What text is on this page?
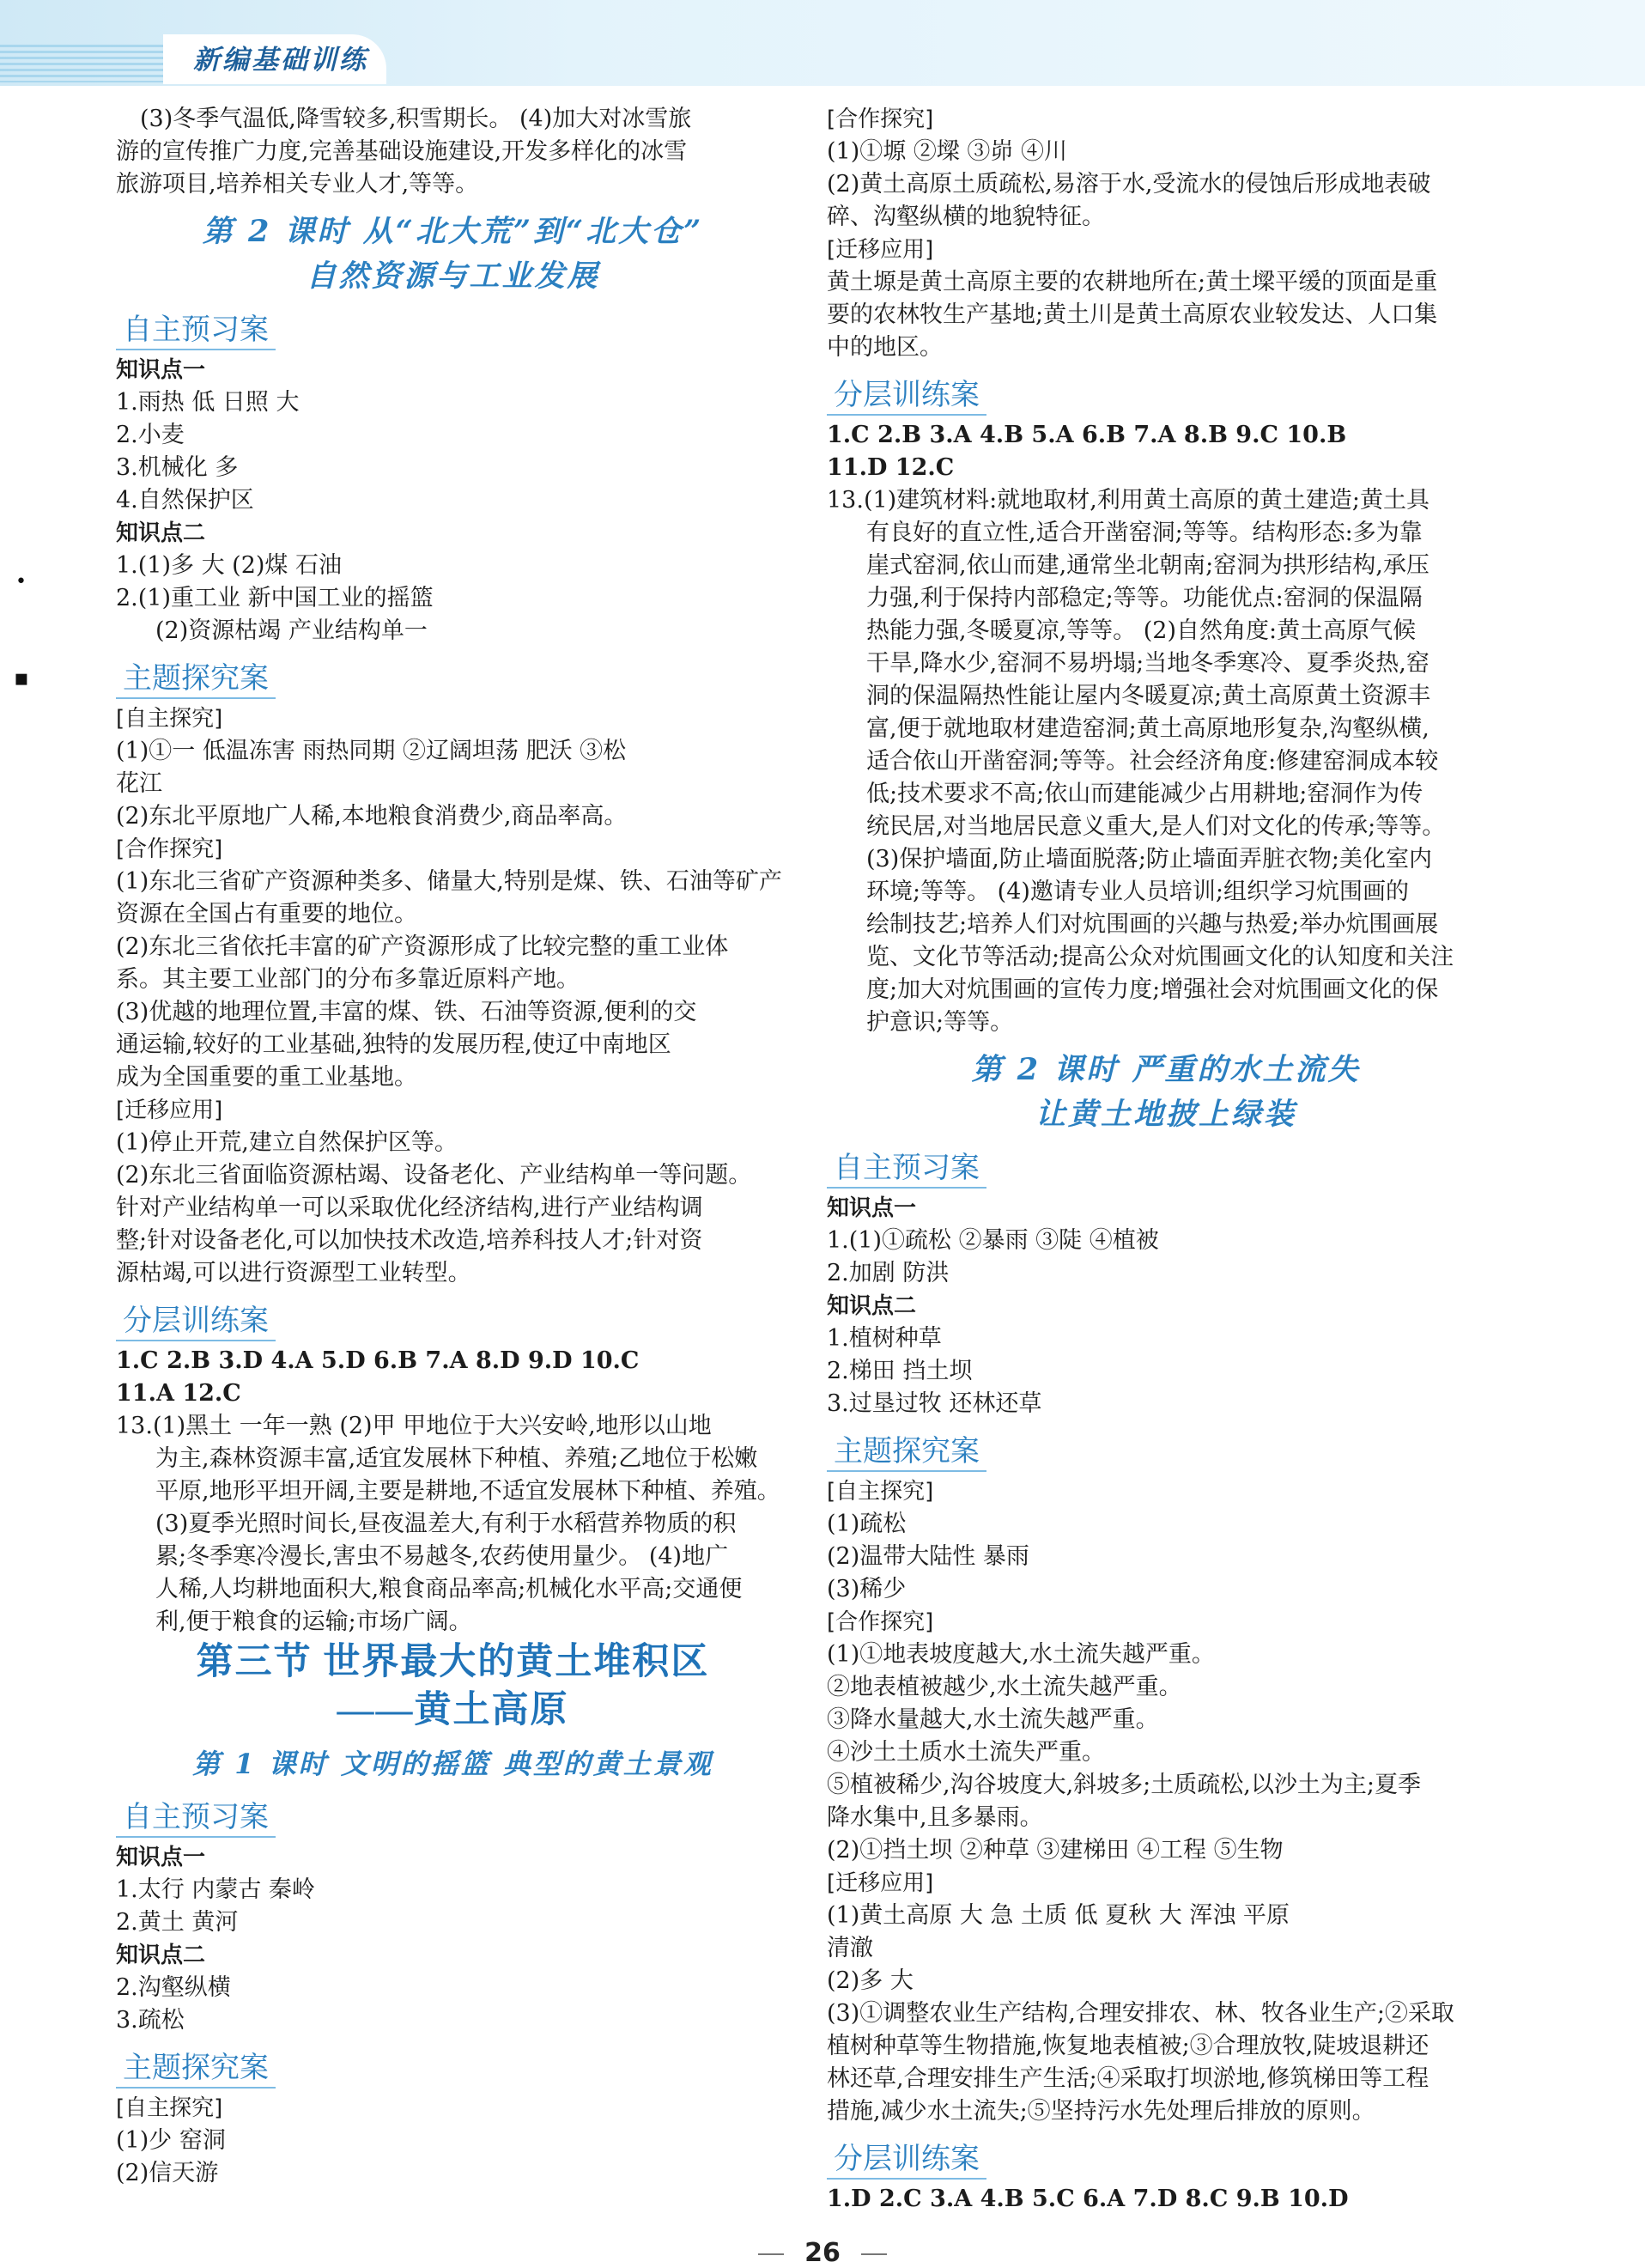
新编基础训练
•
▪
(3)冬季气温低,降雪较多,积雪期长。 (4)加大对冰雪旅
游的宣传推广力度,完善基础设施建设,开发多样化的冰雪
旅游项目,培养相关专业人才,等等。
第 2 课时 从“北大荒”到“北大仓”
自然资源与工业发展
自主预习案
知识点一
1.雨热 低 日照 大
2.小麦
3.机械化 多
4.自然保护区
知识点二
1.(1)多 大 (2)煤 石油
2.(1)重工业 新中国工业的摇篮
(2)资源枯竭 产业结构单一
主题探究案
[自主探究]
(1)①一 低温冻害 雨热同期 ②辽阔坦荡 肥沃 ③松
花江
(2)东北平原地广人稀,本地粮食消费少,商品率高。
[合作探究]
(1)东北三省矿产资源种类多、储量大,特别是煤、铁、石油等矿产
资源在全国占有重要的地位。
(2)东北三省依托丰富的矿产资源形成了比较完整的重工业体
系。其主要工业部门的分布多靠近原料产地。
(3)优越的地理位置,丰富的煤、铁、石油等资源,便利的交
通运输,较好的工业基础,独特的发展历程,使辽中南地区
成为全国重要的重工业基地。
[迁移应用]
(1)停止开荒,建立自然保护区等。
(2)东北三省面临资源枯竭、设备老化、产业结构单一等问题。
针对产业结构单一可以采取优化经济结构,进行产业结构调
整;针对设备老化,可以加快技术改造,培养科技人才;针对资
源枯竭,可以进行资源型工业转型。
分层训练案
1.C 2.B 3.D 4.A 5.D 6.B 7.A 8.D 9.D 10.C
11.A 12.C
13.(1)黑土 一年一熟 (2)甲 甲地位于大兴安岭,地形以山地
为主,森林资源丰富,适宜发展林下种植、养殖;乙地位于松嫩
平原,地形平坦开阔,主要是耕地,不适宜发展林下种植、养殖。
(3)夏季光照时间长,昼夜温差大,有利于水稻营养物质的积
累;冬季寒冷漫长,害虫不易越冬,农药使用量少。 (4)地广
人稀,人均耕地面积大,粮食商品率高;机械化水平高;交通便
利,便于粮食的运输;市场广阔。
第三节 世界最大的黄土堆积区
——黄土高原
第 1 课时 文明的摇篮 典型的黄土景观
自主预习案
知识点一
1.太行 内蒙古 秦岭
2.黄土 黄河
知识点二
2.沟壑纵横
3.疏松
主题探究案
[自主探究]
(1)少 窑洞
(2)信天游
[合作探究]
(1)①塬 ②墚 ③峁 ④川
(2)黄土高原土质疏松,易溶于水,受流水的侵蚀后形成地表破
碎、沟壑纵横的地貌特征。
[迁移应用]
黄土塬是黄土高原主要的农耕地所在;黄土墚平缓的顶面是重
要的农林牧生产基地;黄土川是黄土高原农业较发达、人口集
中的地区。
分层训练案
1.C 2.B 3.A 4.B 5.A 6.B 7.A 8.B 9.C 10.B
11.D 12.C
13.(1)建筑材料:就地取材,利用黄土高原的黄土建造;黄土具
有良好的直立性,适合开凿窑洞;等等。结构形态:多为靠
崖式窑洞,依山而建,通常坐北朝南;窑洞为拱形结构,承压
力强,利于保持内部稳定;等等。功能优点:窑洞的保温隔
热能力强,冬暖夏凉,等等。 (2)自然角度:黄土高原气候
干旱,降水少,窑洞不易坍塌;当地冬季寒冷、夏季炎热,窑
洞的保温隔热性能让屋内冬暖夏凉;黄土高原黄土资源丰
富,便于就地取材建造窑洞;黄土高原地形复杂,沟壑纵横,
适合依山开凿窑洞;等等。社会经济角度:修建窑洞成本较
低;技术要求不高;依山而建能减少占用耕地;窑洞作为传
统民居,对当地居民意义重大,是人们对文化的传承;等等。
(3)保护墙面,防止墙面脱落;防止墙面弄脏衣物;美化室内
环境;等等。 (4)邀请专业人员培训;组织学习炕围画的
绘制技艺;培养人们对炕围画的兴趣与热爱;举办炕围画展
览、文化节等活动;提高公众对炕围画文化的认知度和关注
度;加大对炕围画的宣传力度;增强社会对炕围画文化的保
护意识;等等。
第 2 课时 严重的水土流失
让黄土地披上绿装
自主预习案
知识点一
1.(1)①疏松 ②暴雨 ③陡 ④植被
2.加剧 防洪
知识点二
1.植树种草
2.梯田 挡土坝
3.过垦过牧 还林还草
主题探究案
[自主探究]
(1)疏松
(2)温带大陆性 暴雨
(3)稀少
[合作探究]
(1)①地表坡度越大,水土流失越严重。
②地表植被越少,水土流失越严重。
③降水量越大,水土流失越严重。
④沙土土质水土流失严重。
⑤植被稀少,沟谷坡度大,斜坡多;土质疏松,以沙土为主;夏季
降水集中,且多暴雨。
(2)①挡土坝 ②种草 ③建梯田 ④工程 ⑤生物
[迁移应用]
(1)黄土高原 大 急 土质 低 夏秋 大 浑浊 平原
清澈
(2)多 大
(3)①调整农业生产结构,合理安排农、林、牧各业生产;②采取
植树种草等生物措施,恢复地表植被;③合理放牧,陡坡退耕还
林还草,合理安排生产生活;④采取打坝淤地,修筑梯田等工程
措施,减少水土流失;⑤坚持污水先处理后排放的原则。
分层训练案
1.D 2.C 3.A 4.B 5.C 6.A 7.D 8.C 9.B 10.D
26
